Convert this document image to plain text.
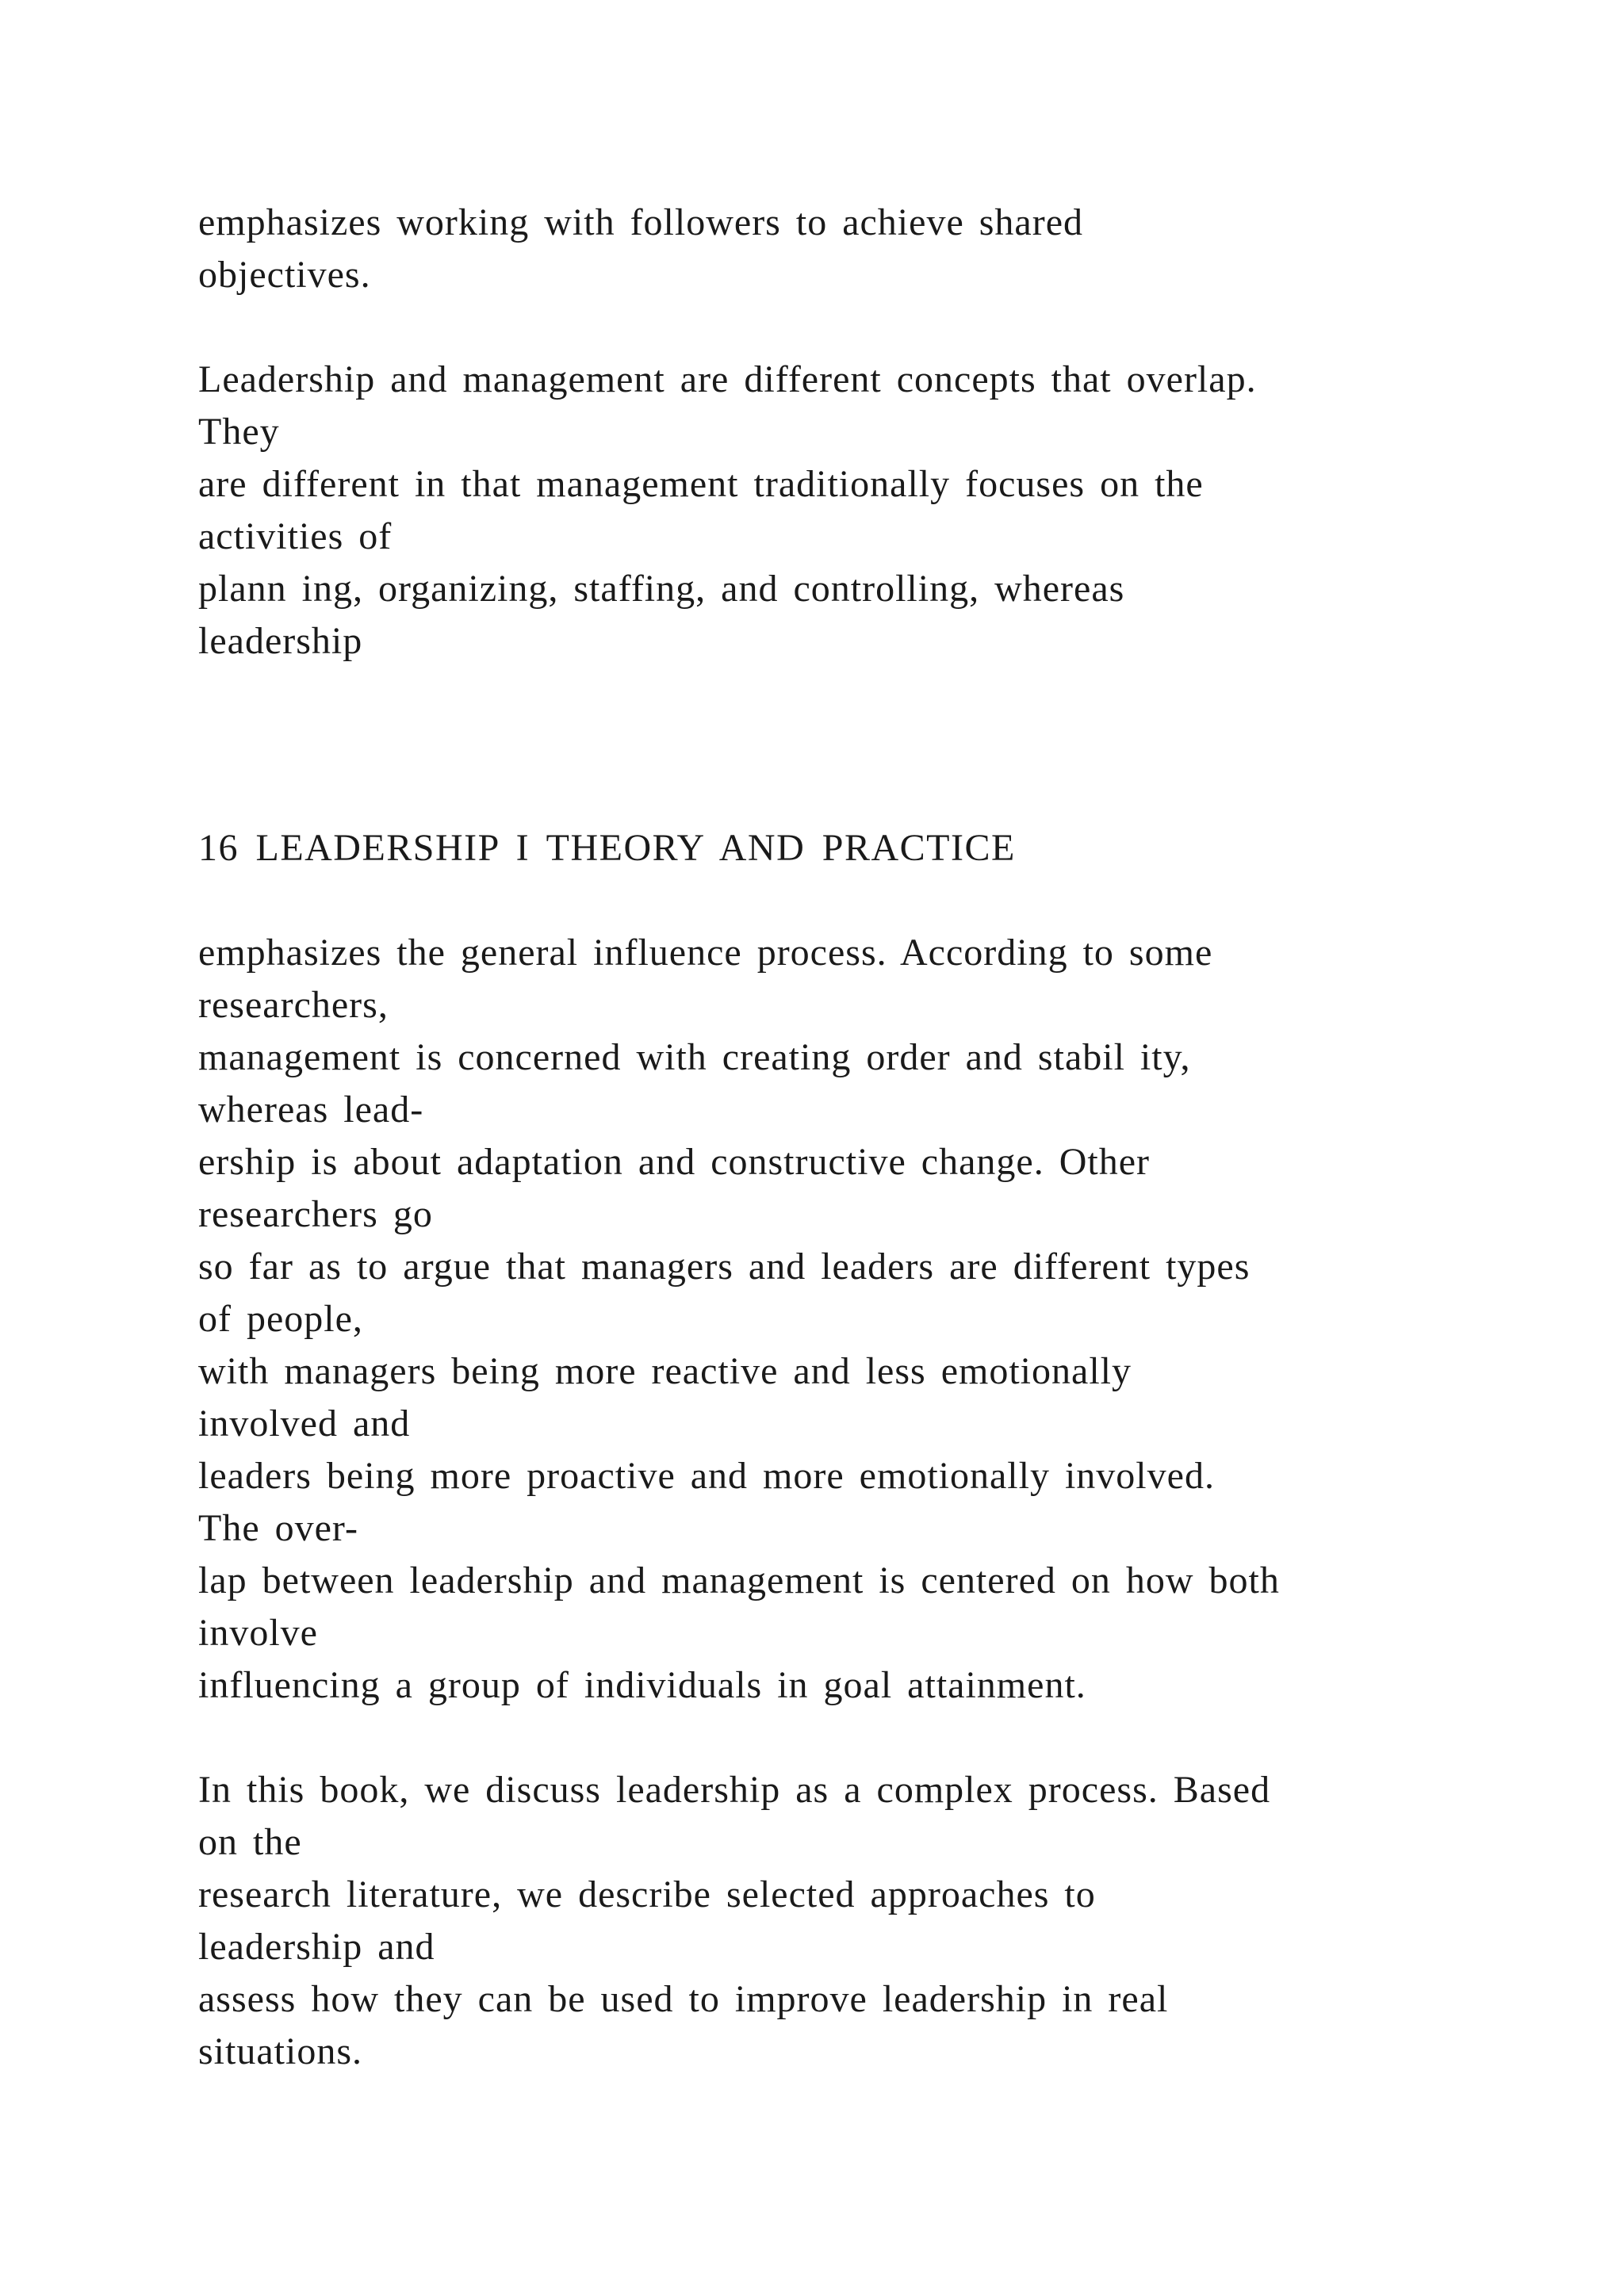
emphasizes working with followers to achieve shared
objectives.
Leadership and management are different concepts that overlap.
They
are different in that management traditionally focuses on the
activities of
plann ing, organizing, staffing, and controlling, whereas
leadership
16 LEADERSHIP I THEORY AND PRACTICE
emphasizes the general influence process. According to some
researchers,
management is concerned with creating order and stabil ity,
whereas lead-
ership is about adaptation and constructive change. Other
researchers go
so far as to argue that managers and leaders are different types
of people,
with managers being more reactive and less emotionally
involved and
leaders being more proactive and more emotionally involved.
The over-
lap between leadership and management is centered on how both
involve
influencing a group of individuals in goal attainment.
In this book, we discuss leadership as a complex process. Based
on the
research literature, we describe selected approaches to
leadership and
assess how they can be used to improve leadership in real
situations.
